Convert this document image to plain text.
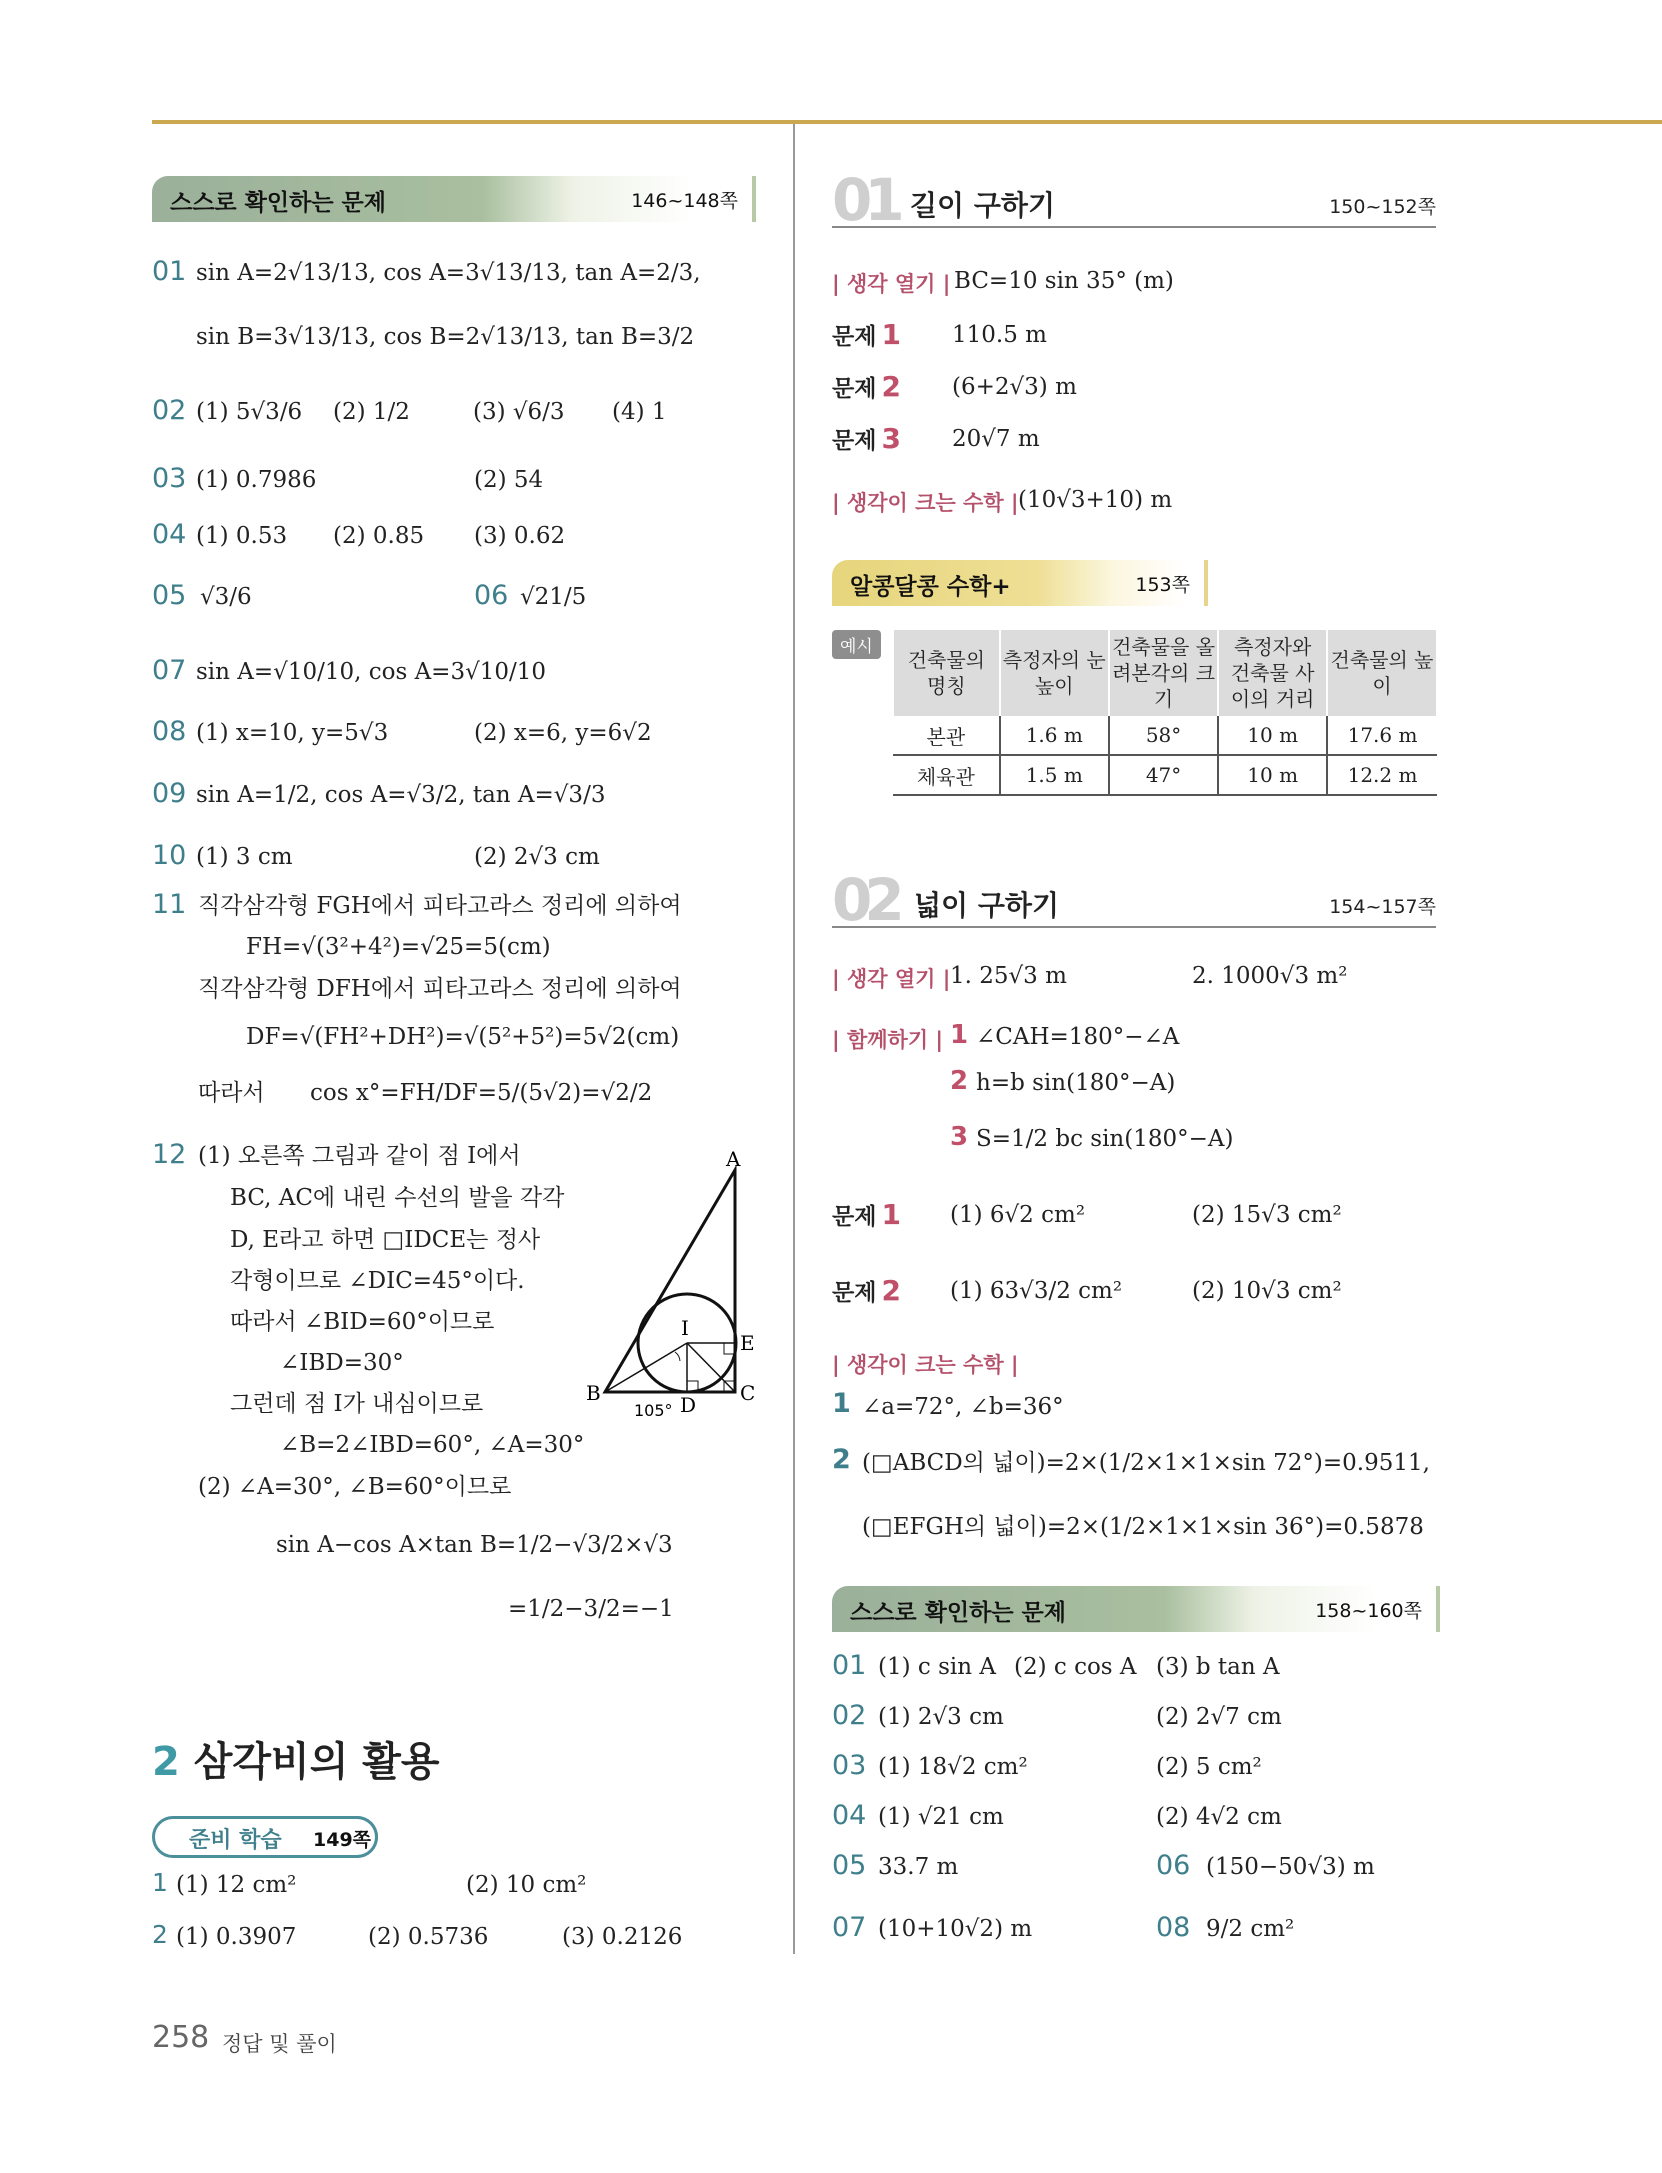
스스로 확인하는 문제	146~148쪽
01 sin A=2√13/13, cos A=3√13/13, tan A=2/3,
sin B=3√13/13, cos B=2√13/13, tan B=3/2
02 (1) 5√3/6 (2) 1/2	(3) √6/3 (4) 1
03 (1) 0.7986	(2) 54
04 (1) 0.53 (2) 0.85 (3) 0.62
05 √3/6	06 √21/5
07 sin A=√10/10, cos A=3√10/10
08 (1) x=10, y=5√3	(2) x=6, y=6√2
09 sin A=1/2, cos A=√3/2, tan A=√3/3
10 (1) 3 cm	(2) 2√3 cm
11 직각삼각형 FGH에서 피타고라스 정리에 의하여
FH=√(3²+4²)=√25=5(cm)
직각삼각형 DFH에서 피타고라스 정리에 의하여
DF=√(FH²+DH²)=√(5²+5²)=5√2(cm)
따라서 cos x°=FH/DF=5/(5√2)=√2/2
12 (1) 오른쪽 그림과 같이 점 I에서
BC, AC에 내린 수선의 발을 각각
D, E라고 하면 □IDCE는 정사
각형이므로 ∠DIC=45°이다.
따라서 ∠BID=60°이므로
∠IBD=30°
그런데 점 I가 내심이므로
∠B=2∠IBD=60°, ∠A=30°
(2) ∠A=30°, ∠B=60°이므로
sin A−cos A×tan B=1/2−√3/2×√3
=1/2−3/2=−1
A
B	C
D
E
I
105°
2 삼각비의 활용
준비 학습 149쪽
1 (1) 12 cm²	(2) 10 cm²
2 (1) 0.3907	(2) 0.5736	(3) 0.2126
258 정답 및 풀이
01 길이 구하기	150~152쪽
| 생각 열기 | BC=10 sin 35° (m)
문제 1 110.5 m
문제 2 (6+2√3) m
문제 3 20√7 m
| 생각이 크는 수학 | (10√3+10) m
알콩달콩 수학+	153쪽
예시
건축물의 명칭	측정자의 눈높이	건축물을 올려본각의 크기	측정자와 건축물 사이의 거리	건축물의 높이
본관	1.6 m	58°	10 m	17.6 m
체육관	1.5 m	47°	10 m	12.2 m
02 넓이 구하기	154~157쪽
| 생각 열기 | 1. 25√3 m	2. 1000√3 m²
| 함께하기 | 1 ∠CAH=180°−∠A
2 h=b sin(180°−A)
3 S=1/2 bc sin(180°−A)
문제 1 (1) 6√2 cm²	(2) 15√3 cm²
문제 2 (1) 63√3/2 cm²	(2) 10√3 cm²
| 생각이 크는 수학 |
1 ∠a=72°, ∠b=36°
2 (□ABCD의 넓이)=2×(1/2×1×1×sin 72°)=0.9511,
(□EFGH의 넓이)=2×(1/2×1×1×sin 36°)=0.5878
스스로 확인하는 문제	158~160쪽
01 (1) c sin A (2) c cos A (3) b tan A
02 (1) 2√3 cm	(2) 2√7 cm
03 (1) 18√2 cm²	(2) 5 cm²
04 (1) √21 cm	(2) 4√2 cm
05 33.7 m	06 (150−50√3) m
07 (10+10√2) m	08 9/2 cm²
